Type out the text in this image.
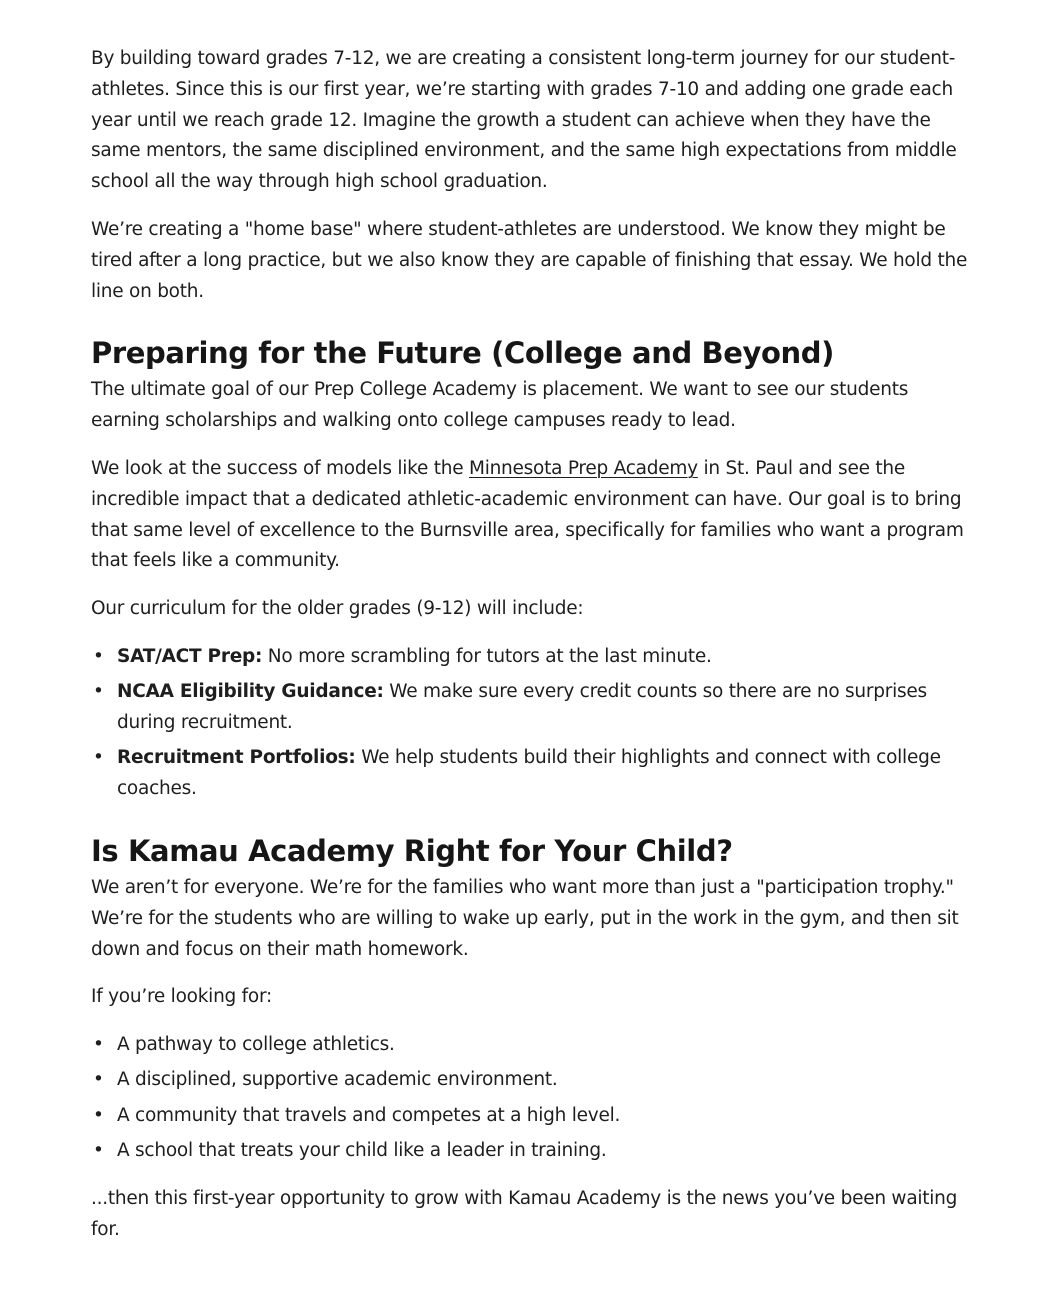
By building toward grades 7-12, we are creating a consistent long-term journey for our student-athletes. Since this is our first year, we’re starting with grades 7-10 and adding one grade each year until we reach grade 12. Imagine the growth a student can achieve when they have the same mentors, the same disciplined environment, and the same high expectations from middle school all the way through high school graduation.

We’re creating a "home base" where student-athletes are understood. We know they might be tired after a long practice, but we also know they are capable of finishing that essay. We hold the line on both.

Preparing for the Future (College and Beyond)

The ultimate goal of our Prep College Academy is placement. We want to see our students earning scholarships and walking onto college campuses ready to lead.

We look at the success of models like the Minnesota Prep Academy in St. Paul and see the incredible impact that a dedicated athletic-academic environment can have. Our goal is to bring that same level of excellence to the Burnsville area, specifically for families who want a program that feels like a community.

Our curriculum for the older grades (9-12) will include:

• SAT/ACT Prep: No more scrambling for tutors at the last minute.
• NCAA Eligibility Guidance: We make sure every credit counts so there are no surprises during recruitment.
• Recruitment Portfolios: We help students build their highlights and connect with college coaches.
Is Kamau Academy Right for Your Child?

We aren’t for everyone. We’re for the families who want more than just a "participation trophy." We’re for the students who are willing to wake up early, put in the work in the gym, and then sit down and focus on their math homework.

If you’re looking for:

• A pathway to college athletics.
• A disciplined, supportive academic environment.
• A community that travels and competes at a high level.
• A school that treats your child like a leader in training.

...then this first-year opportunity to grow with Kamau Academy is the news you’ve been waiting for.
